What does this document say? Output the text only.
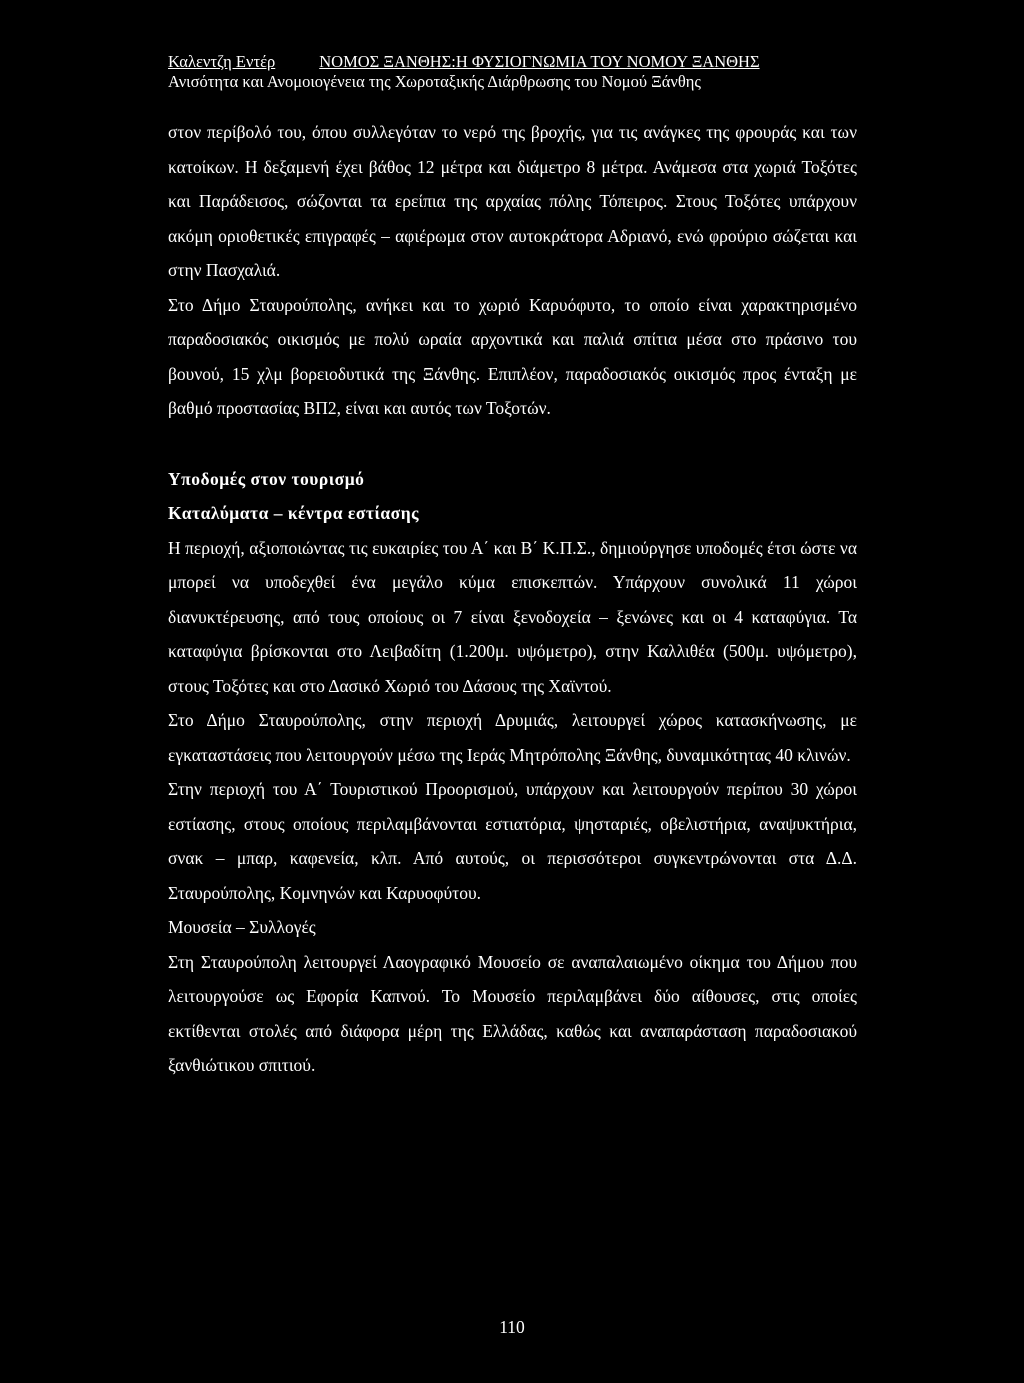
Καλεντζη Εντέρ	ΝΟΜΟΣ ΞΑΝΘΗΣ:Η ΦΥΣΙΟΓΝΩΜΙΑ ΤΟΥ ΝΟΜΟΥ ΞΑΝΘΗΣ
Ανισότητα και Ανομοιογένεια της Χωροταξικής Διάρθρωσης του Νομού Ξάνθης

στον περίβολό του, όπου συλλεγόταν το νερό της βροχής, για τις ανάγκες της φρουράς και των κατοίκων. Η δεξαμενή έχει βάθος 12 μέτρα και διάμετρο 8 μέτρα. Ανάμεσα στα χωριά Τοξότες και Παράδεισος, σώζονται τα ερείπια της αρχαίας πόλης Τόπειρος. Στους Τοξότες υπάρχουν ακόμη οριοθετικές επιγραφές – αφιέρωμα στον αυτοκράτορα Αδριανό, ενώ φρούριο σώζεται και στην Πασχαλιά.

Στο Δήμο Σταυρούπολης, ανήκει και το χωριό Καρυόφυτο, το οποίο είναι χαρακτηρισμένο παραδοσιακός οικισμός με πολύ ωραία αρχοντικά και παλιά σπίτια μέσα στο πράσινο του βουνού, 15 χλμ βορειοδυτικά της Ξάνθης. Επιπλέον, παραδοσιακός οικισμός προς ένταξη με βαθμό προστασίας ΒΠ2, είναι και αυτός των Τοξοτών.

Υποδομές στον τουρισμό

Καταλύματα – κέντρα εστίασης

Η περιοχή, αξιοποιώντας τις ευκαιρίες του Α΄ και Β΄ Κ.Π.Σ., δημιούργησε υποδομές έτσι ώστε να μπορεί να υποδεχθεί ένα μεγάλο κύμα επισκεπτών. Υπάρχουν συνολικά 11 χώροι διανυκτέρευσης, από τους οποίους οι 7 είναι ξενοδοχεία – ξενώνες και οι 4 καταφύγια. Τα καταφύγια βρίσκονται στο Λειβαδίτη (1.200μ. υψόμετρο), στην Καλλιθέα (500μ. υψόμετρο), στους Τοξότες και στο Δασικό Χωριό του Δάσους της Χαϊντού.

Στο Δήμο Σταυρούπολης, στην περιοχή Δρυμιάς, λειτουργεί χώρος κατασκήνωσης, με εγκαταστάσεις που λειτουργούν μέσω της Ιεράς Μητρόπολης Ξάνθης, δυναμικότητας 40 κλινών.

Στην περιοχή του Α΄ Τουριστικού Προορισμού, υπάρχουν και λειτουργούν περίπου 30 χώροι εστίασης, στους οποίους περιλαμβάνονται εστιατόρια, ψησταριές, οβελιστήρια, αναψυκτήρια, σνακ – μπαρ, καφενεία, κλπ. Από αυτούς, οι περισσότεροι συγκεντρώνονται στα Δ.Δ. Σταυρούπολης, Κομνηνών και Καρυοφύτου.

Μουσεία – Συλλογές

Στη Σταυρούπολη λειτουργεί Λαογραφικό Μουσείο σε αναπαλαιωμένο οίκημα του Δήμου που λειτουργούσε ως Εφορία Καπνού. Το Μουσείο περιλαμβάνει δύο αίθουσες, στις οποίες εκτίθενται στολές από διάφορα μέρη της Ελλάδας, καθώς και αναπαράσταση παραδοσιακού ξανθιώτικου σπιτιού.

110
